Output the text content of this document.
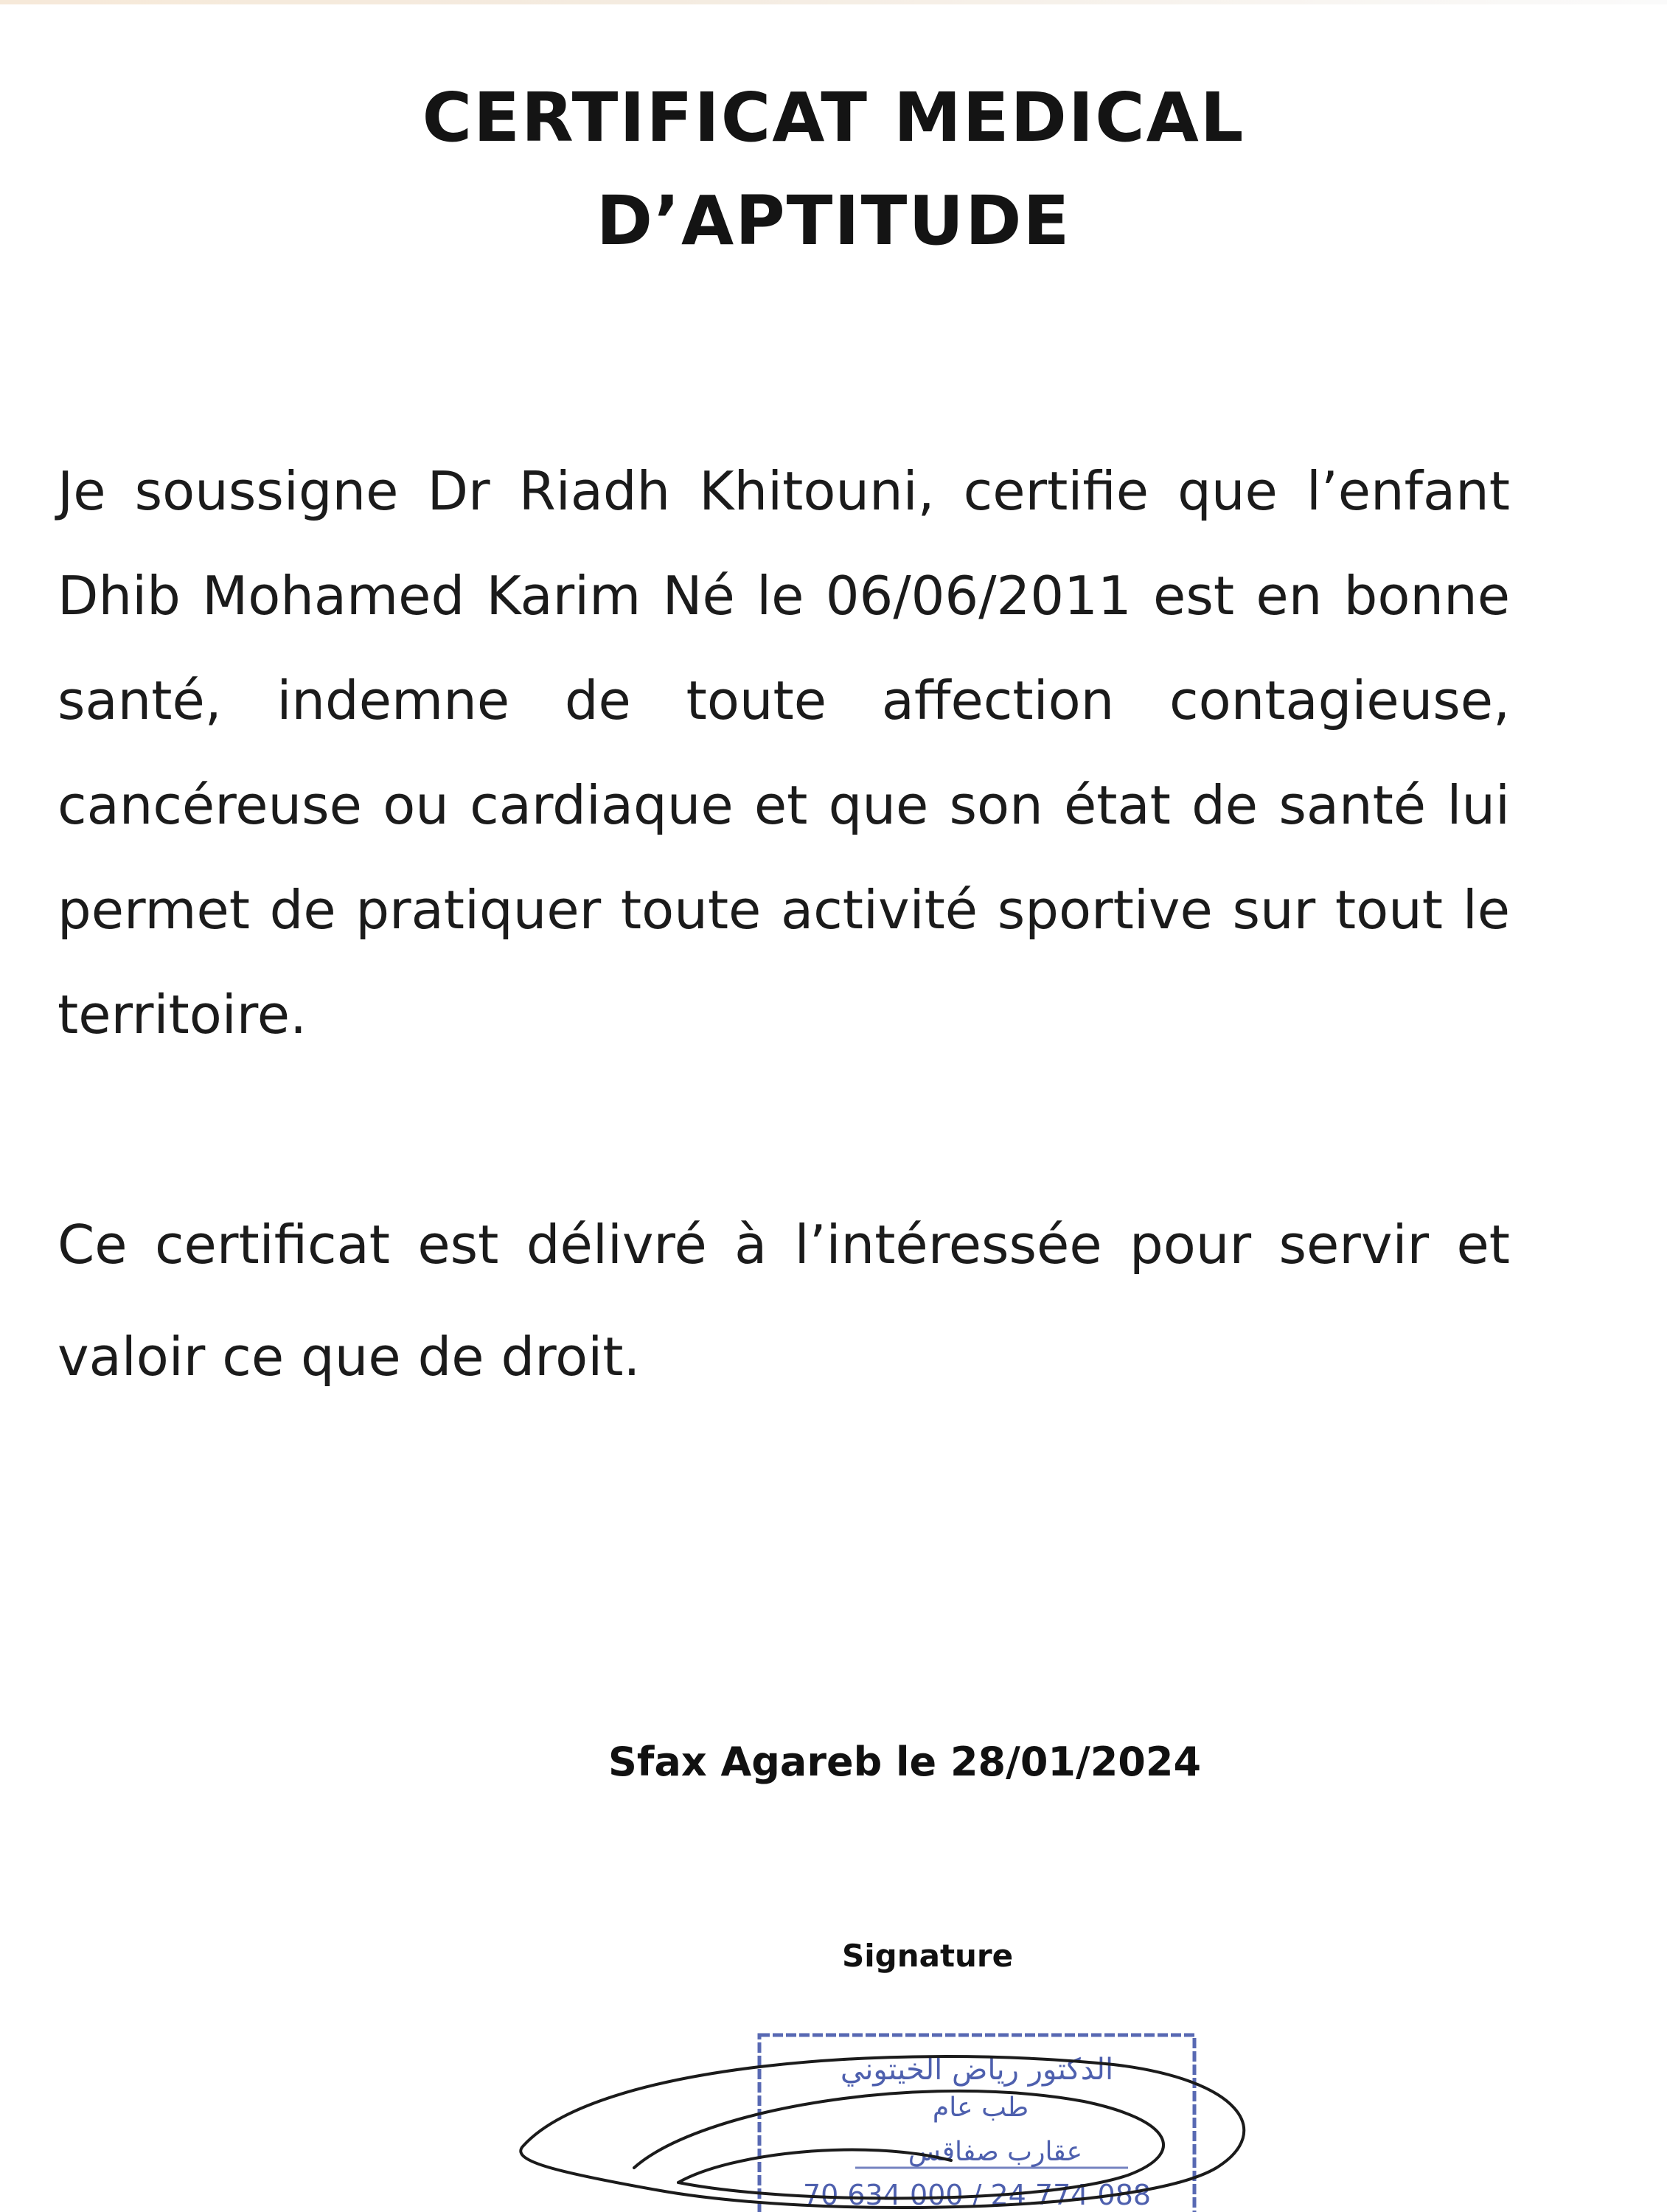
CERTIFICAT MEDICAL
D’APTITUDE

Je soussigne Dr Riadh Khitouni, certifie que l’enfant Dhib Mohamed Karim Né le 06/06/2011 est en bonne santé, indemne de toute affection contagieuse, cancéreuse ou cardiaque et que son état de santé lui permet de pratiquer toute activité sportive sur tout le territoire.

Ce certificat est délivré à l’intéressée pour servir et valoir ce que de droit.

Sfax Agareb le 28/01/2024
Signature
الدكتور رياض الخيتوني
طب عام
عقارب صفاقس
70 634 000 / 24 774 088
